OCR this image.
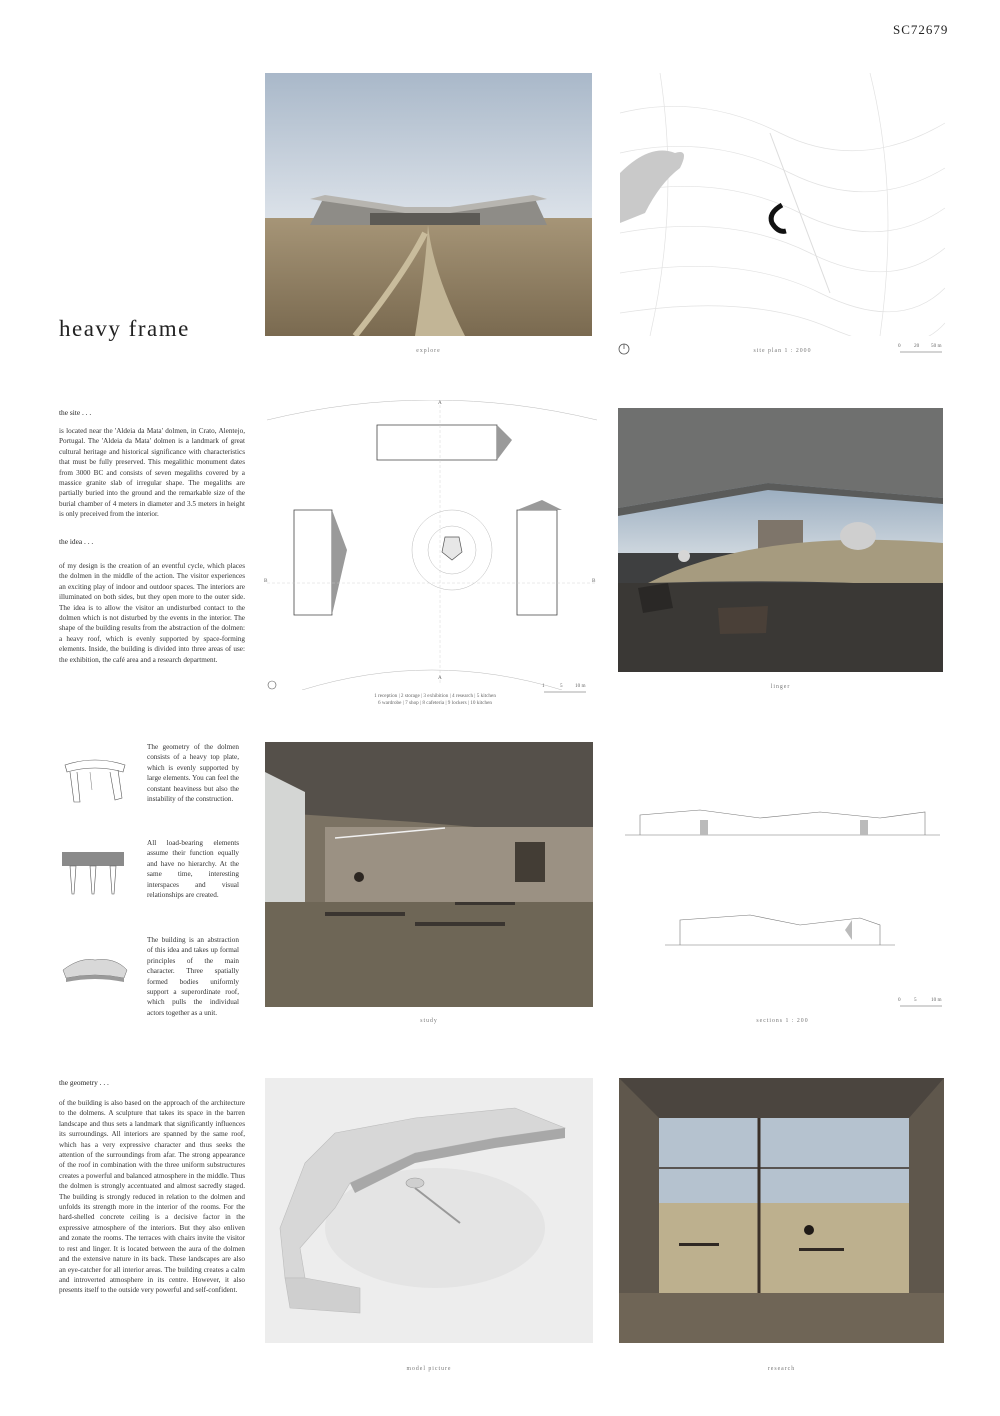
SC72679
heavy frame
explore	site plan 1 : 2000
0	20 50 m
the site . . .
is located near the 'Aldeia da Mata' dolmen, in Crato, Alentejo, Portugal. The 'Aldeia da Mata' dolmen is a landmark of great cultural heritage and historical significance with characteristics that must be fully preserved. This megalithic monument dates from 3000 BC and consists of seven megaliths covered by a massice granite slab of irregular shape. The megaliths are partially buried into the ground and the remarkable size of the burial chamber of 4 meters in diameter and 3.5 meters in height is only preceived from the interior.
the idea . . .
of my design is the creation of an eventful cycle, which places the dolmen in the middle of the action. The visitor experiences an exciting play of indoor and outdoor spaces. The interiors are illuminated on both sides, but they open more to the outer side. The idea is to allow the visitor an undisturbed contact to the dolmen which is not disturbed by the events in the interior. The shape of the building results from the abstraction of the dolmen: a heavy roof, which is evenly supported by space-forming elements. Inside, the building is divided into three areas of use: the exhibition, the café area and a research department.
A
B	B
A
1 reception | 2 storage | 3 exhibition | 4 research | 5 kitchen
6 wardrobe | 7 shop | 8 cafeteria | 9 lockers | 10 kitchen
1	5 10 m	linger
The geometry of the dolmen consists of a heavy top plate, which is evenly supported by large elements. You can feel the constant heaviness but also the instability of the construction.
All load-bearing elements assume their function equally and have no hierarchy. At the same time, interesting interspaces and visual relationships are created.
The building is an abstraction of this idea and takes up formal principles of the main character. Three spatially formed bodies uniformly support a superordinate roof, which pulls the individual actors together as a unit.
study	sections 1 : 200
0	5	10 m
the geometry . . .
of the building is also based on the approach of the architecture to the dolmens. A sculpture that takes its space in the barren landscape and thus sets a landmark that significantly influences its surroundings. All interiors are spanned by the same roof, which has a very expressive character and thus seeks the attention of the surroundings from afar. The strong appearance of the roof in combination with the three uniform substructures creates a powerful and balanced atmosphere in the middle. Thus the dolmen is strongly accentuated and almost sacredly staged. The building is strongly reduced in relation to the dolmen and unfolds its strength more in the interior of the rooms. For the hard-shelled concrete ceiling is a decisive factor in the expressive atmosphere of the interiors. But they also enliven and zonate the rooms. The terraces with chairs invite the visitor to rest and linger. It is located between the aura of the dolmen and the extensive nature in its back. These landscapes are also an eye-catcher for all interior areas. The building creates a calm and introverted atmosphere in its centre. However, it also presents itself to the outside very powerful and self-confident.
model picture	research
